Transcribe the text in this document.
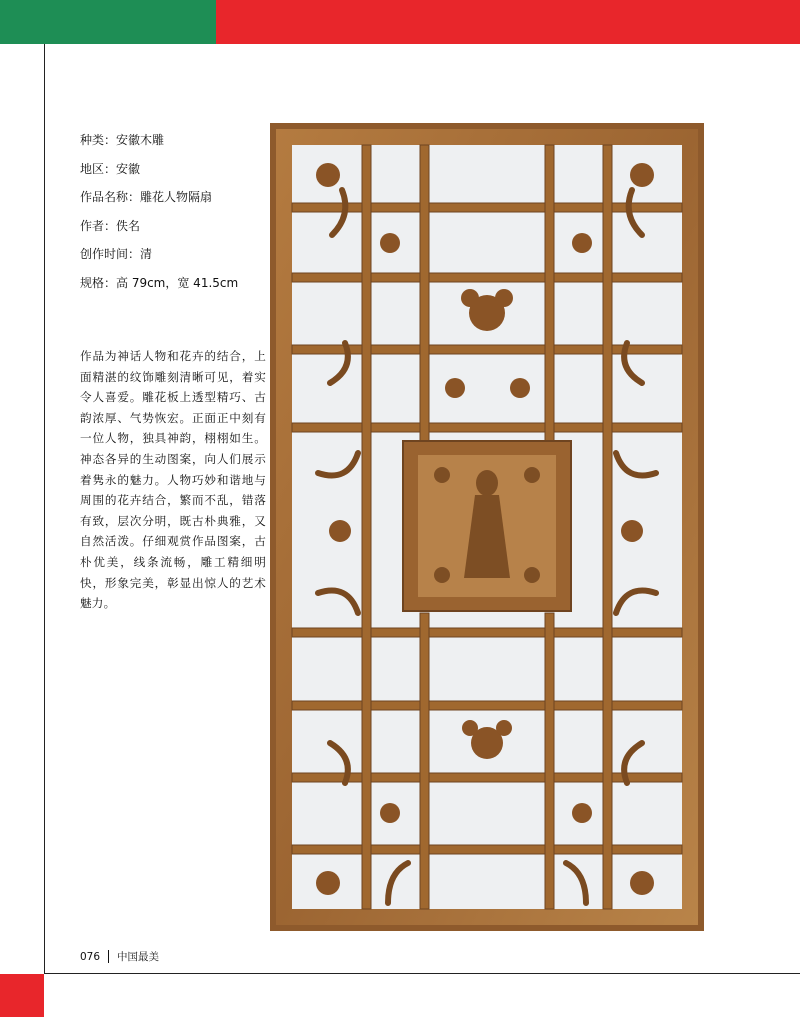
种类：安徽木雕
地区：安徽
作品名称：雕花人物隔扇
作者：佚名
创作时间：清
规格：高 79cm，宽 41.5cm
作品为神话人物和花卉的结合，上面精湛的纹饰雕刻清晰可见，着实令人喜爱。雕花板上透型精巧、古韵浓厚、气势恢宏。正面正中刻有一位人物，独具神韵，栩栩如生。神态各异的生动图案，向人们展示着隽永的魅力。人物巧妙和谐地与周围的花卉结合，繁而不乱，错落有致，层次分明，既古朴典雅，又自然活泼。仔细观赏作品图案，古朴优美，线条流畅，雕工精细明快，形象完美，彰显出惊人的艺术魅力。
076 中国最美
